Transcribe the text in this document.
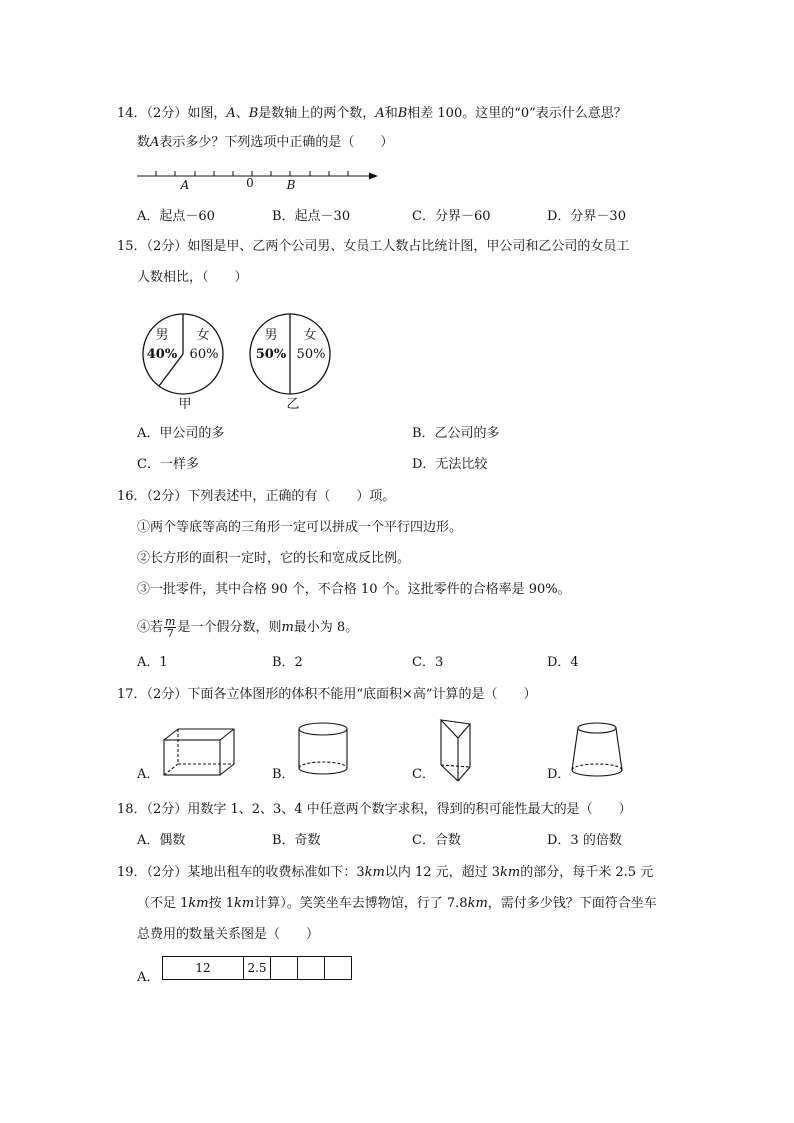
14．（2分）如图，A、B是数轴上的两个数，A和B相差 100。这里的“0”表示什么意思？
数A表示多少？下列选项中正确的是（　　）
A	0	B
A．起点－60	B．起点－30	C．分界－60	D．分界－30
15．（2分）如图是甲、乙两个公司男、女员工人数占比统计图，甲公司和乙公司的女员工
人数相比，（　　）
男
40%
女
60%
甲
男
50%
女
50%
乙
A．甲公司的多	B．乙公司的多
C．一样多	D．无法比较
16．（2分）下列表述中，正确的有（　　）项。
①两个等底等高的三角形一定可以拼成一个平行四边形。
②长方形的面积一定时，它的长和宽成反比例。
③一批零件，其中合格 90 个，不合格 10 个。这批零件的合格率是 90%。
④若 $\frac{m}{7}$ 是一个假分数，则m最小为 8。
A．1	B．2	C．3	D．4
17．（2分）下面各立体图形的体积不能用“底面积×高”计算的是（　　）
A．	B．	C．	D．
18．（2分）用数字 1、2、3、4 中任意两个数字求积，得到的积可能性最大的是（　　）
A．偶数	B．奇数	C．合数	D．3 的倍数
19．（2分）某地出租车的收费标准如下：3km以内 12 元，超过 3km的部分，每千米 2.5 元
（不足 1km按 1km计算）。笑笑坐车去博物馆，行了 7.8km，需付多少钱？下面符合坐车
总费用的数量关系图是（　　）
A．
12	2.5			
